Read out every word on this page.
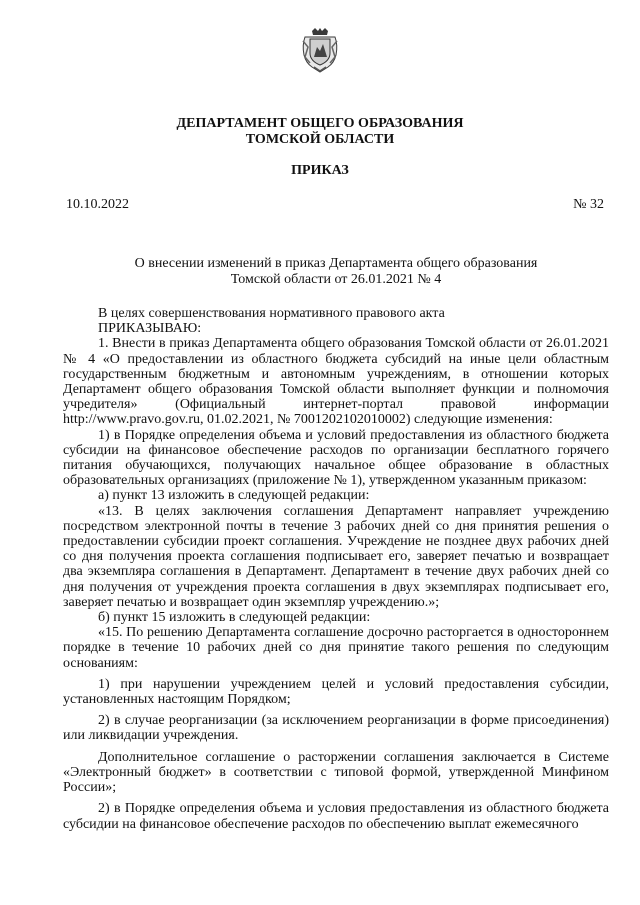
ДЕПАРТАМЕНТ ОБЩЕГО ОБРАЗОВАНИЯ
ТОМСКОЙ ОБЛАСТИ
ПРИКАЗ
10.10.2022	№ 32
О внесении изменений в приказ Департамента общего образования
Томской области от 26.01.2021 № 4

В целях совершенствования нормативного правового акта

ПРИКАЗЫВАЮ:

1. Внести в приказ Департамента общего образования Томской области от 26.01.2021 № 4 «О предоставлении из областного бюджета субсидий на иные цели областным государственным бюджетным и автономным учреждениям, в отношении которых Департамент общего образования Томской области выполняет функции и полномочия учредителя» (Официальный интернет-портал правовой информации http://www.pravo.gov.ru, 01.02.2021, № 7001202102010002) следующие изменения:

1) в Порядке определения объема и условий предоставления из областного бюджета субсидии на финансовое обеспечение расходов по организации бесплатного горячего питания обучающихся, получающих начальное общее образование в областных образовательных организациях (приложение № 1), утвержденном указанным приказом:

а) пункт 13 изложить в следующей редакции:

«13. В целях заключения соглашения Департамент направляет учреждению посредством электронной почты в течение 3 рабочих дней со дня принятия решения о предоставлении субсидии проект соглашения. Учреждение не позднее двух рабочих дней со дня получения проекта соглашения подписывает его, заверяет печатью и возвращает два экземпляра соглашения в Департамент. Департамент в течение двух рабочих дней со дня получения от учреждения проекта соглашения в двух экземплярах подписывает его, заверяет печатью и возвращает один экземпляр учреждению.»;

б) пункт 15 изложить в следующей редакции:

«15. По решению Департамента соглашение досрочно расторгается в одностороннем порядке в течение 10 рабочих дней со дня принятие такого решения по следующим основаниям:

1) при нарушении учреждением целей и условий предоставления субсидии, установленных настоящим Порядком;

2) в случае реорганизации (за исключением реорганизации в форме присоединения) или ликвидации учреждения.

Дополнительное соглашение о расторжении соглашения заключается в Системе «Электронный бюджет» в соответствии с типовой формой, утвержденной Минфином России»;

2) в Порядке определения объема и условия предоставления из областного бюджета субсидии на финансовое обеспечение расходов по обеспечению выплат ежемесячного
